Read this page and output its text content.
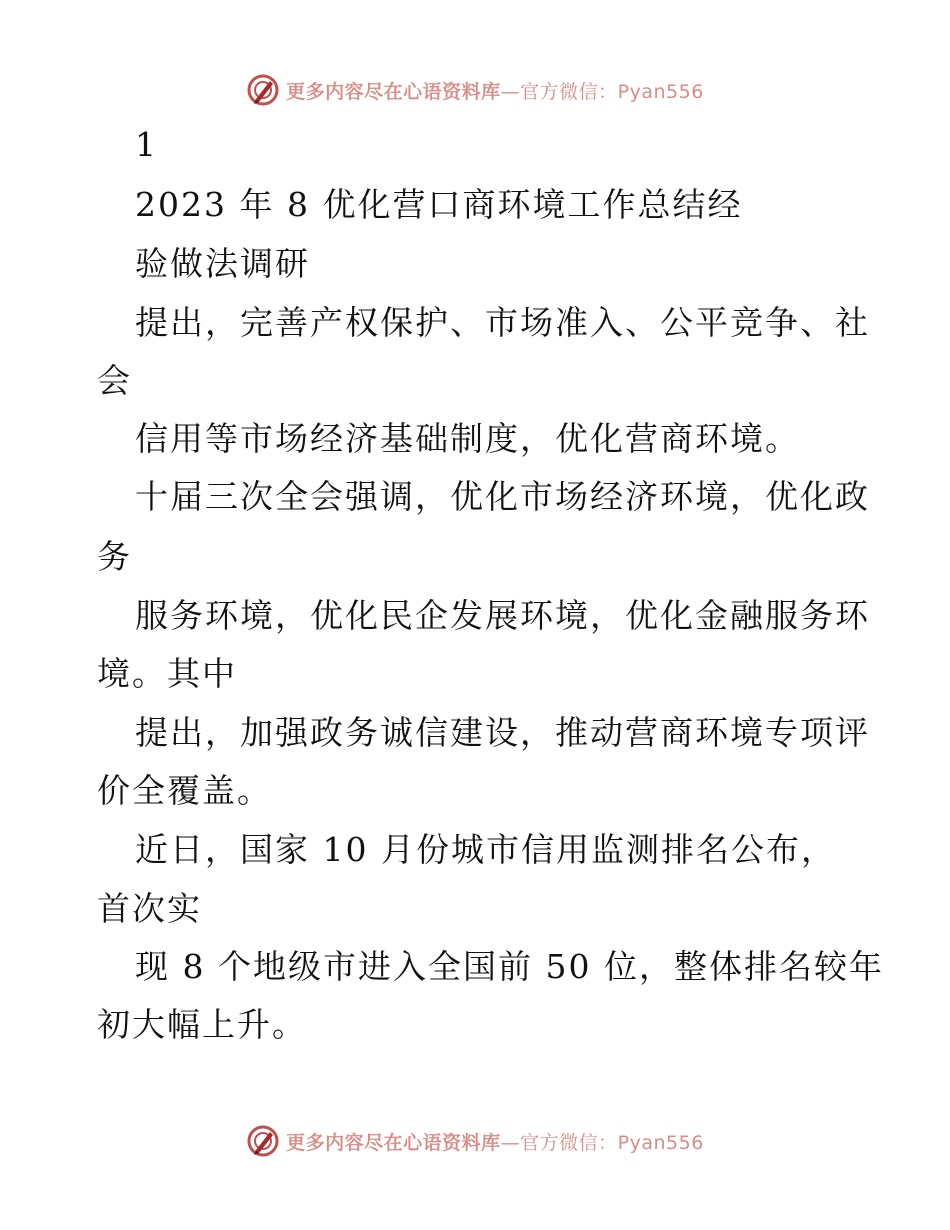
更多内容尽在心语资料库—官方微信：Pyan556
1
2023 年 8 优化营口商环境工作总结经
验做法调研
提出，完善产权保护、市场准入、公平竞争、社
会
信用等市场经济基础制度，优化营商环境。
十届三次全会强调，优化市场经济环境，优化政
务
服务环境，优化民企发展环境，优化金融服务环
境。其中
提出，加强政务诚信建设，推动营商环境专项评
价全覆盖。
近日，国家 10 月份城市信用监测排名公布，
首次实
现 8 个地级市进入全国前 50 位，整体排名较年
初大幅上升。
更多内容尽在心语资料库—官方微信：Pyan556
